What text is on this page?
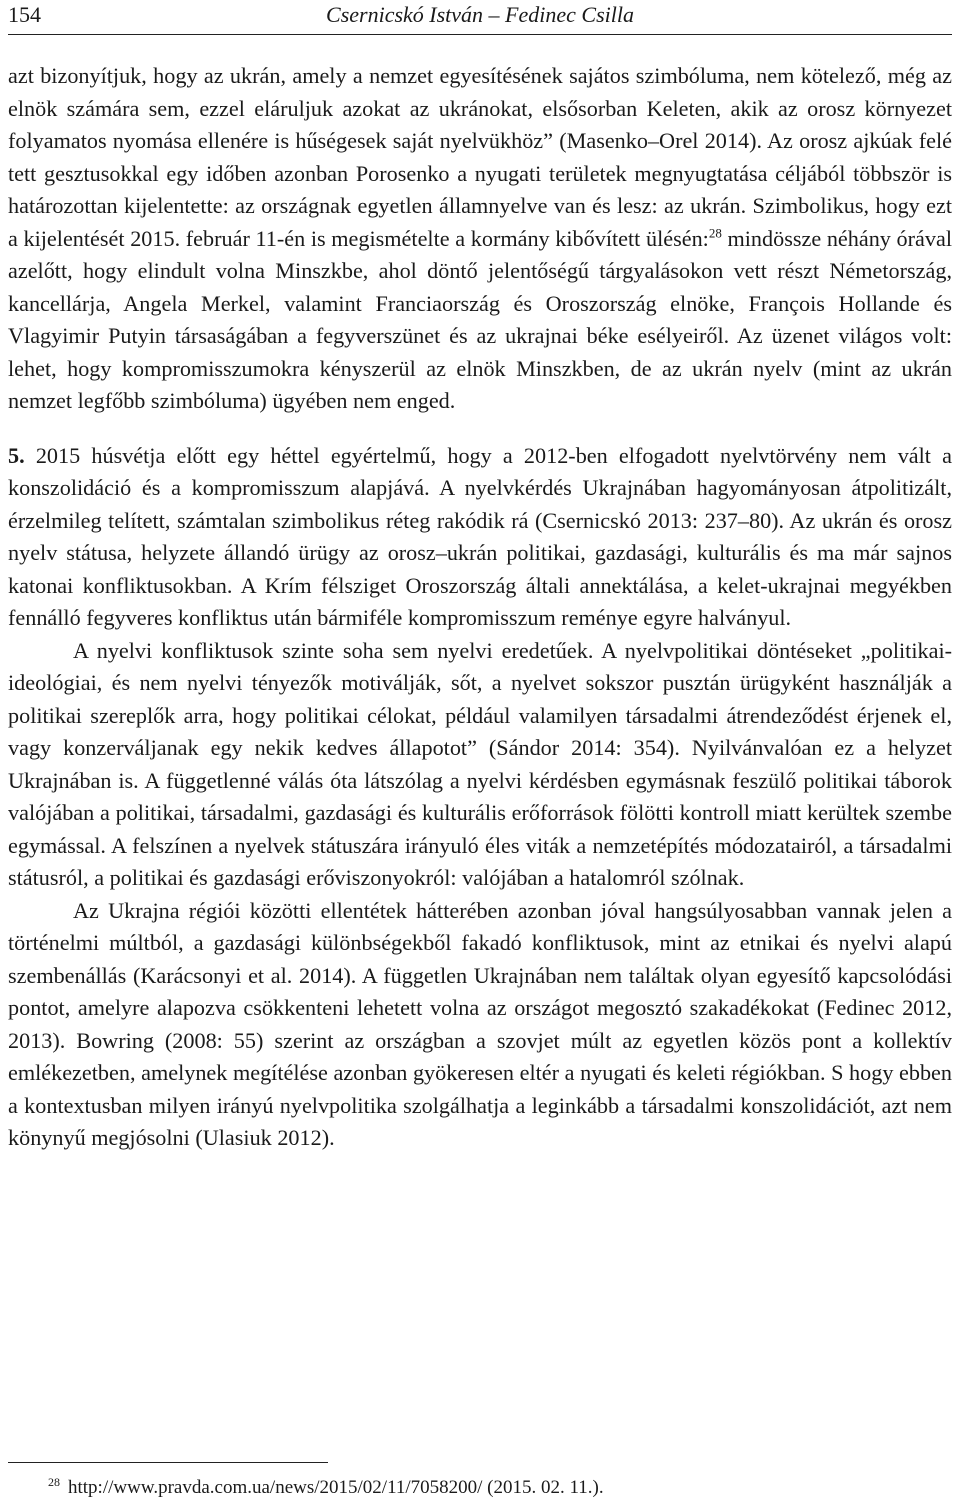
154	Csernicskó István – Fedinec Csilla

azt bizonyítjuk, hogy az ukrán, amely a nemzet egyesítésének sajátos szimbóluma, nem kötelező, még az elnök számára sem, ezzel eláruljuk azokat az ukránokat, elsősorban Keleten, akik az orosz környezet folyamatos nyomása ellenére is hűségesek saját nyelvükhöz” (Masenko–Orel 2014). Az orosz ajkúak felé tett gesztusokkal egy időben azonban Porosenko a nyugati területek megnyugtatása céljából többször is határozottan kijelentette: az országnak egyetlen államnyelve van és lesz: az ukrán. Szimbolikus, hogy ezt a kijelentését 2015. február 11-én is megismételte a kormány kibővített ülésén:$^{28}$ mindössze néhány órával azelőtt, hogy elindult volna Minszkbe, ahol döntő jelentőségű tárgyalásokon vett részt Németország, kancellárja, Angela Merkel, valamint Franciaország és Oroszország elnöke, François Hollande és Vlagyimir Putyin társaságában a fegyverszünet és az ukrajnai béke esélyeiről. Az üzenet világos volt: lehet, hogy kompromisszumokra kényszerül az elnök Minszkben, de az ukrán nyelv (mint az ukrán nemzet legfőbb szimbóluma) ügyében nem enged.

5. 2015 húsvétja előtt egy héttel egyértelmű, hogy a 2012-ben elfogadott nyelvtörvény nem vált a konszolidáció és a kompromisszum alapjává. A nyelvkérdés Ukrajnában hagyományosan átpolitizált, érzelmileg telített, számtalan szimbolikus réteg rakódik rá (Csernicskó 2013: 237–80). Az ukrán és orosz nyelv státusa, helyzete állandó ürügy az orosz–ukrán politikai, gazdasági, kulturális és ma már sajnos katonai konfliktusokban. A Krím félsziget Oroszország általi annektálása, a kelet-ukrajnai megyékben fennálló fegyveres konfliktus után bármiféle kompromisszum reménye egyre halványul.

A nyelvi konfliktusok szinte soha sem nyelvi eredetűek. A nyelvpolitikai döntéseket „politikai-ideológiai, és nem nyelvi tényezők motiválják, sőt, a nyelvet sokszor pusztán ürügyként használják a politikai szereplők arra, hogy politikai célokat, például valamilyen társadalmi átrendeződést érjenek el, vagy konzerváljanak egy nekik kedves állapotot” (Sándor 2014: 354). Nyilvánvalóan ez a helyzet Ukrajnában is. A függetlenné válás óta látszólag a nyelvi kérdésben egymásnak feszülő politikai táborok valójában a politikai, társadalmi, gazdasági és kulturális erőforrások fölötti kontroll miatt kerültek szembe egymással. A felszínen a nyelvek státuszára irányuló éles viták a nemzetépítés módozatairól, a társadalmi státusról, a politikai és gazdasági erőviszonyokról: valójában a hatalomról szólnak.

Az Ukrajna régiói közötti ellentétek hátterében azonban jóval hangsúlyosabban vannak jelen a történelmi múltból, a gazdasági különbségekből fakadó konfliktusok, mint az etnikai és nyelvi alapú szembenállás (Karácsonyi et al. 2014). A független Ukrajnában nem találtak olyan egyesítő kapcsolódási pontot, amelyre alapozva csökkenteni lehetett volna az országot megosztó szakadékokat (Fedinec 2012, 2013). Bowring (2008: 55) szerint az országban a szovjet múlt az egyetlen közös pont a kollektív emlékezetben, amelynek megítélése azonban gyökeresen eltér a nyugati és keleti régiókban. S hogy ebben a kontextusban milyen irányú nyelvpolitika szolgálhatja a leginkább a társadalmi konszolidációt, azt nem könynyű megjósolni (Ulasiuk 2012).

28 http://www.pravda.com.ua/news/2015/02/11/7058200/ (2015. 02. 11.).
